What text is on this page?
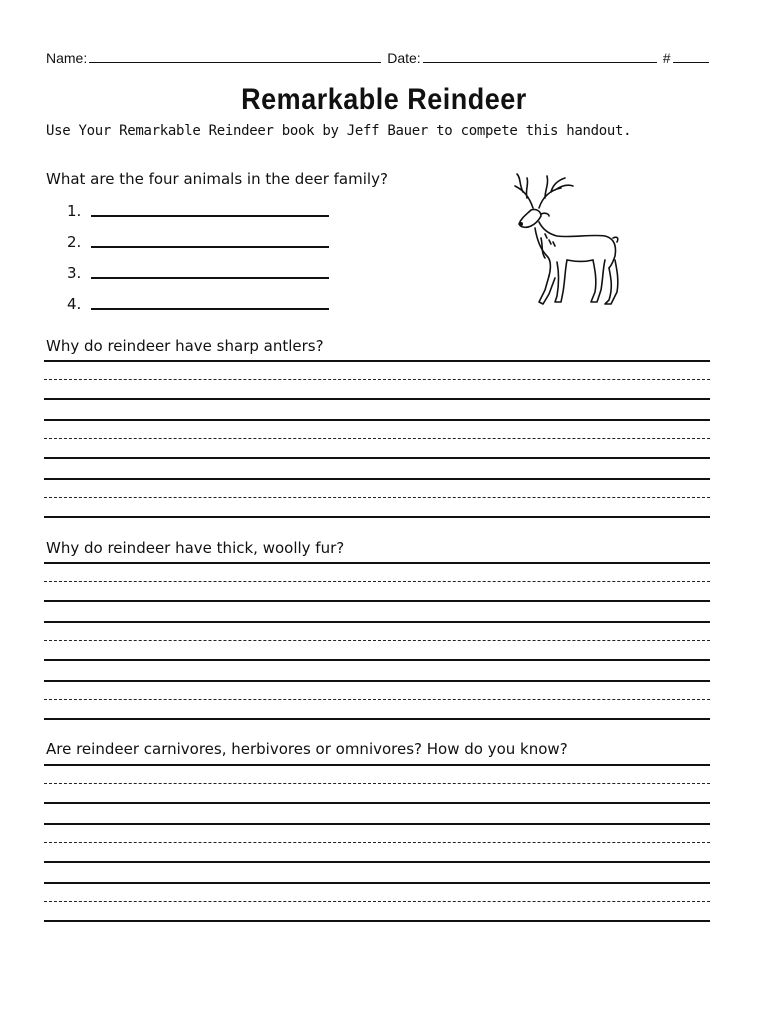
Name:	Date:	#
Remarkable Reindeer
Use Your Remarkable Reindeer book by Jeff Bauer to compete this handout.
What are the four animals in the deer family?
1.
2.
3.
4.
Why do reindeer have sharp antlers?
Why do reindeer have thick, woolly fur?
Are reindeer carnivores, herbivores or omnivores? How do you know?
